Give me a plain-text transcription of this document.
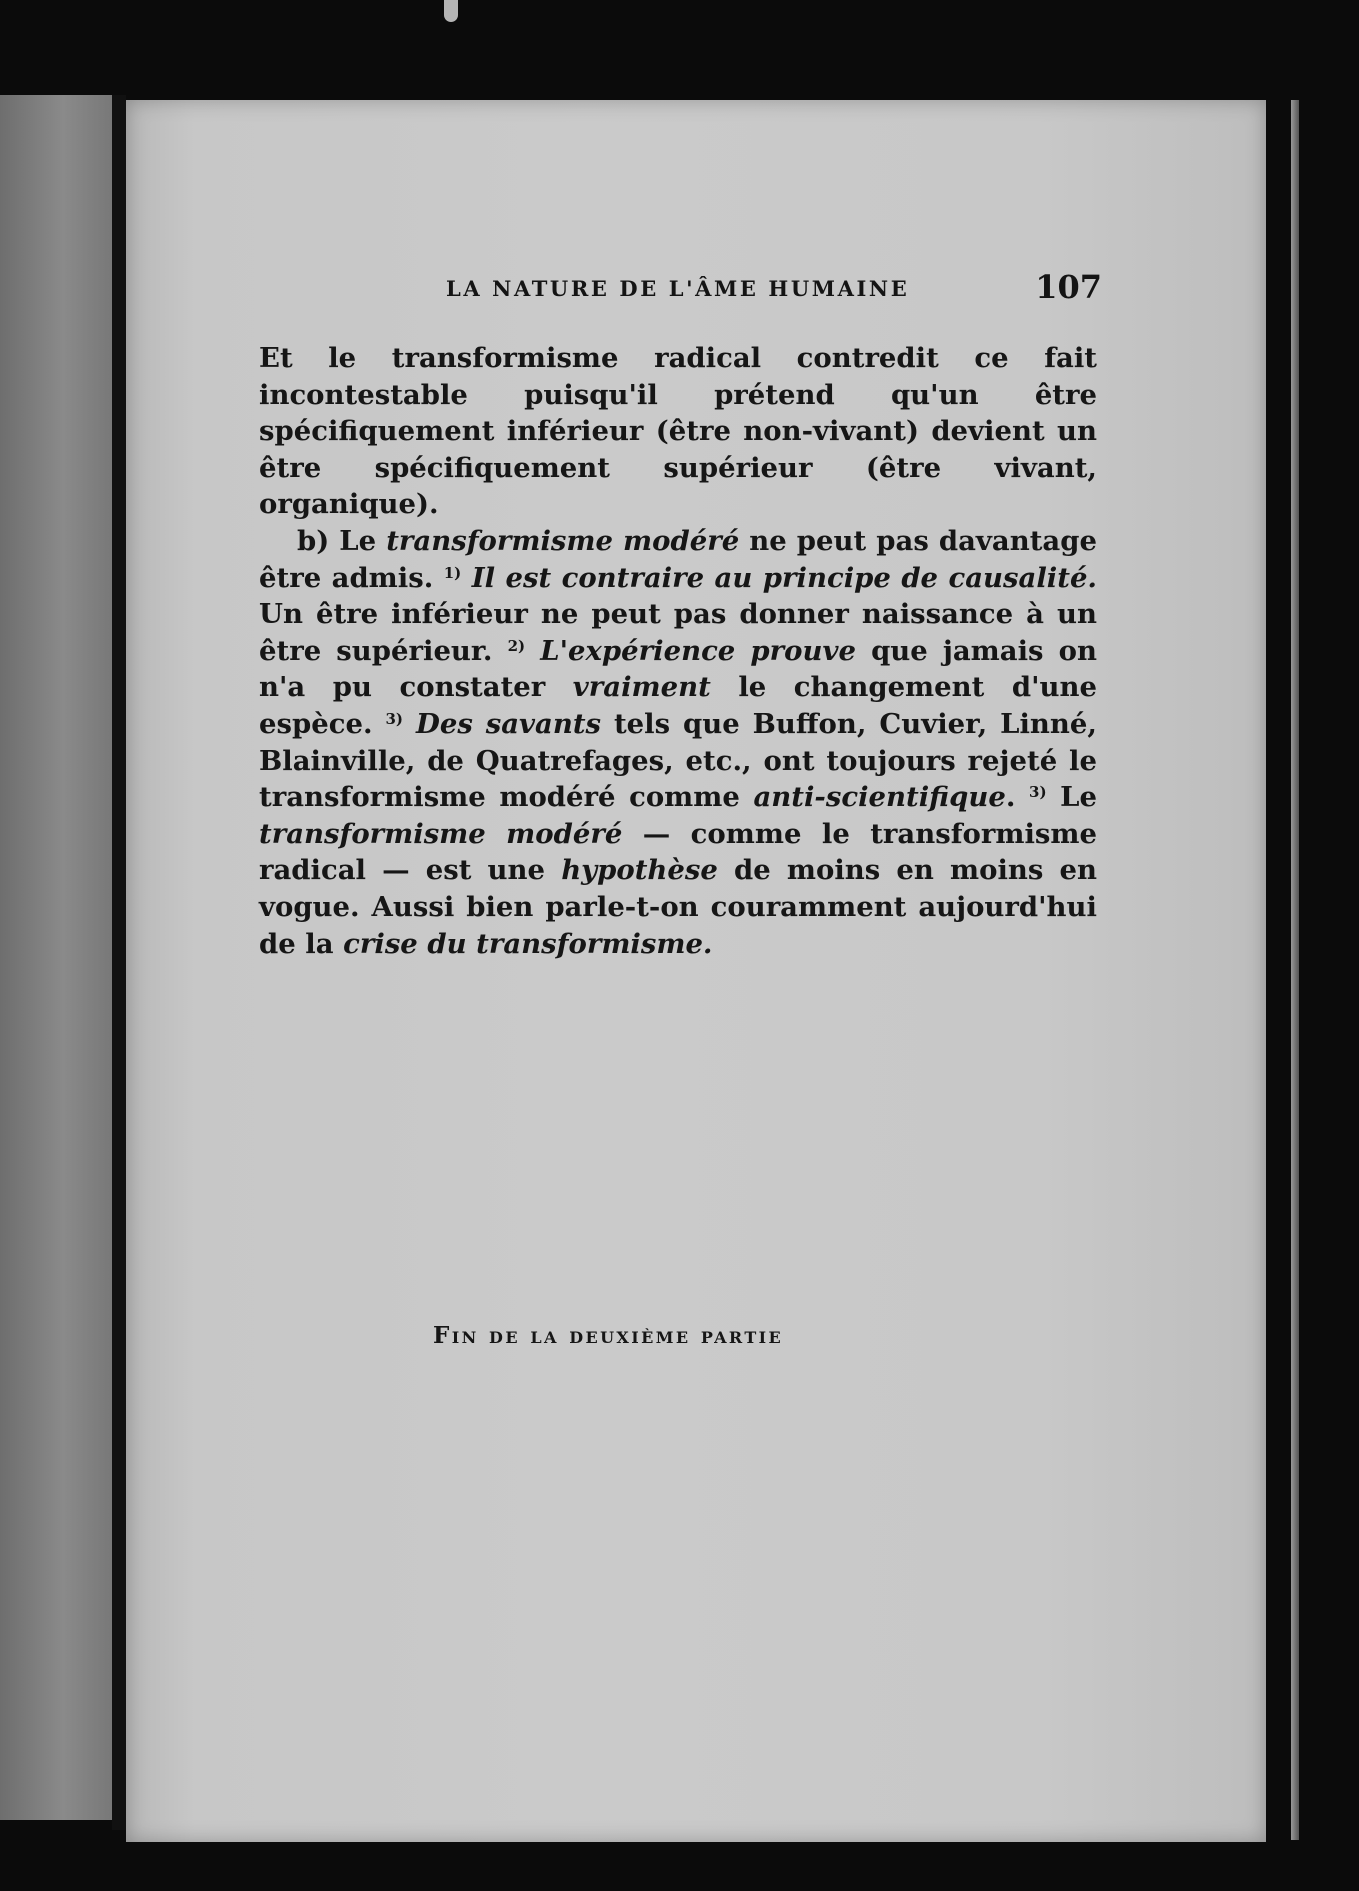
LA NATURE DE L'ÂME HUMAINE	107

Et le transformisme radical contredit ce fait incontestable puisqu'il prétend qu'un être spécifiquement inférieur (être non-vivant) devient un être spécifiquement supérieur (être vivant, organique).

b) Le transformisme modéré ne peut pas davantage être admis. $^{1)}$ Il est contraire au principe de causalité. Un être inférieur ne peut pas donner naissance à un être supérieur. $^{2)}$ L'expérience prouve que jamais on n'a pu constater vraiment le changement d'une espèce. $^{3)}$ Des savants tels que Buffon, Cuvier, Linné, Blainville, de Quatrefages, etc., ont toujours rejeté le transformisme modéré comme anti-scientifique. $^{3)}$ Le transformisme modéré — comme le transformisme radical — est une hypothèse de moins en moins en vogue. Aussi bien parle-t-on couramment aujourd'hui de la crise du transformisme.

Fin de la deuxième partie
